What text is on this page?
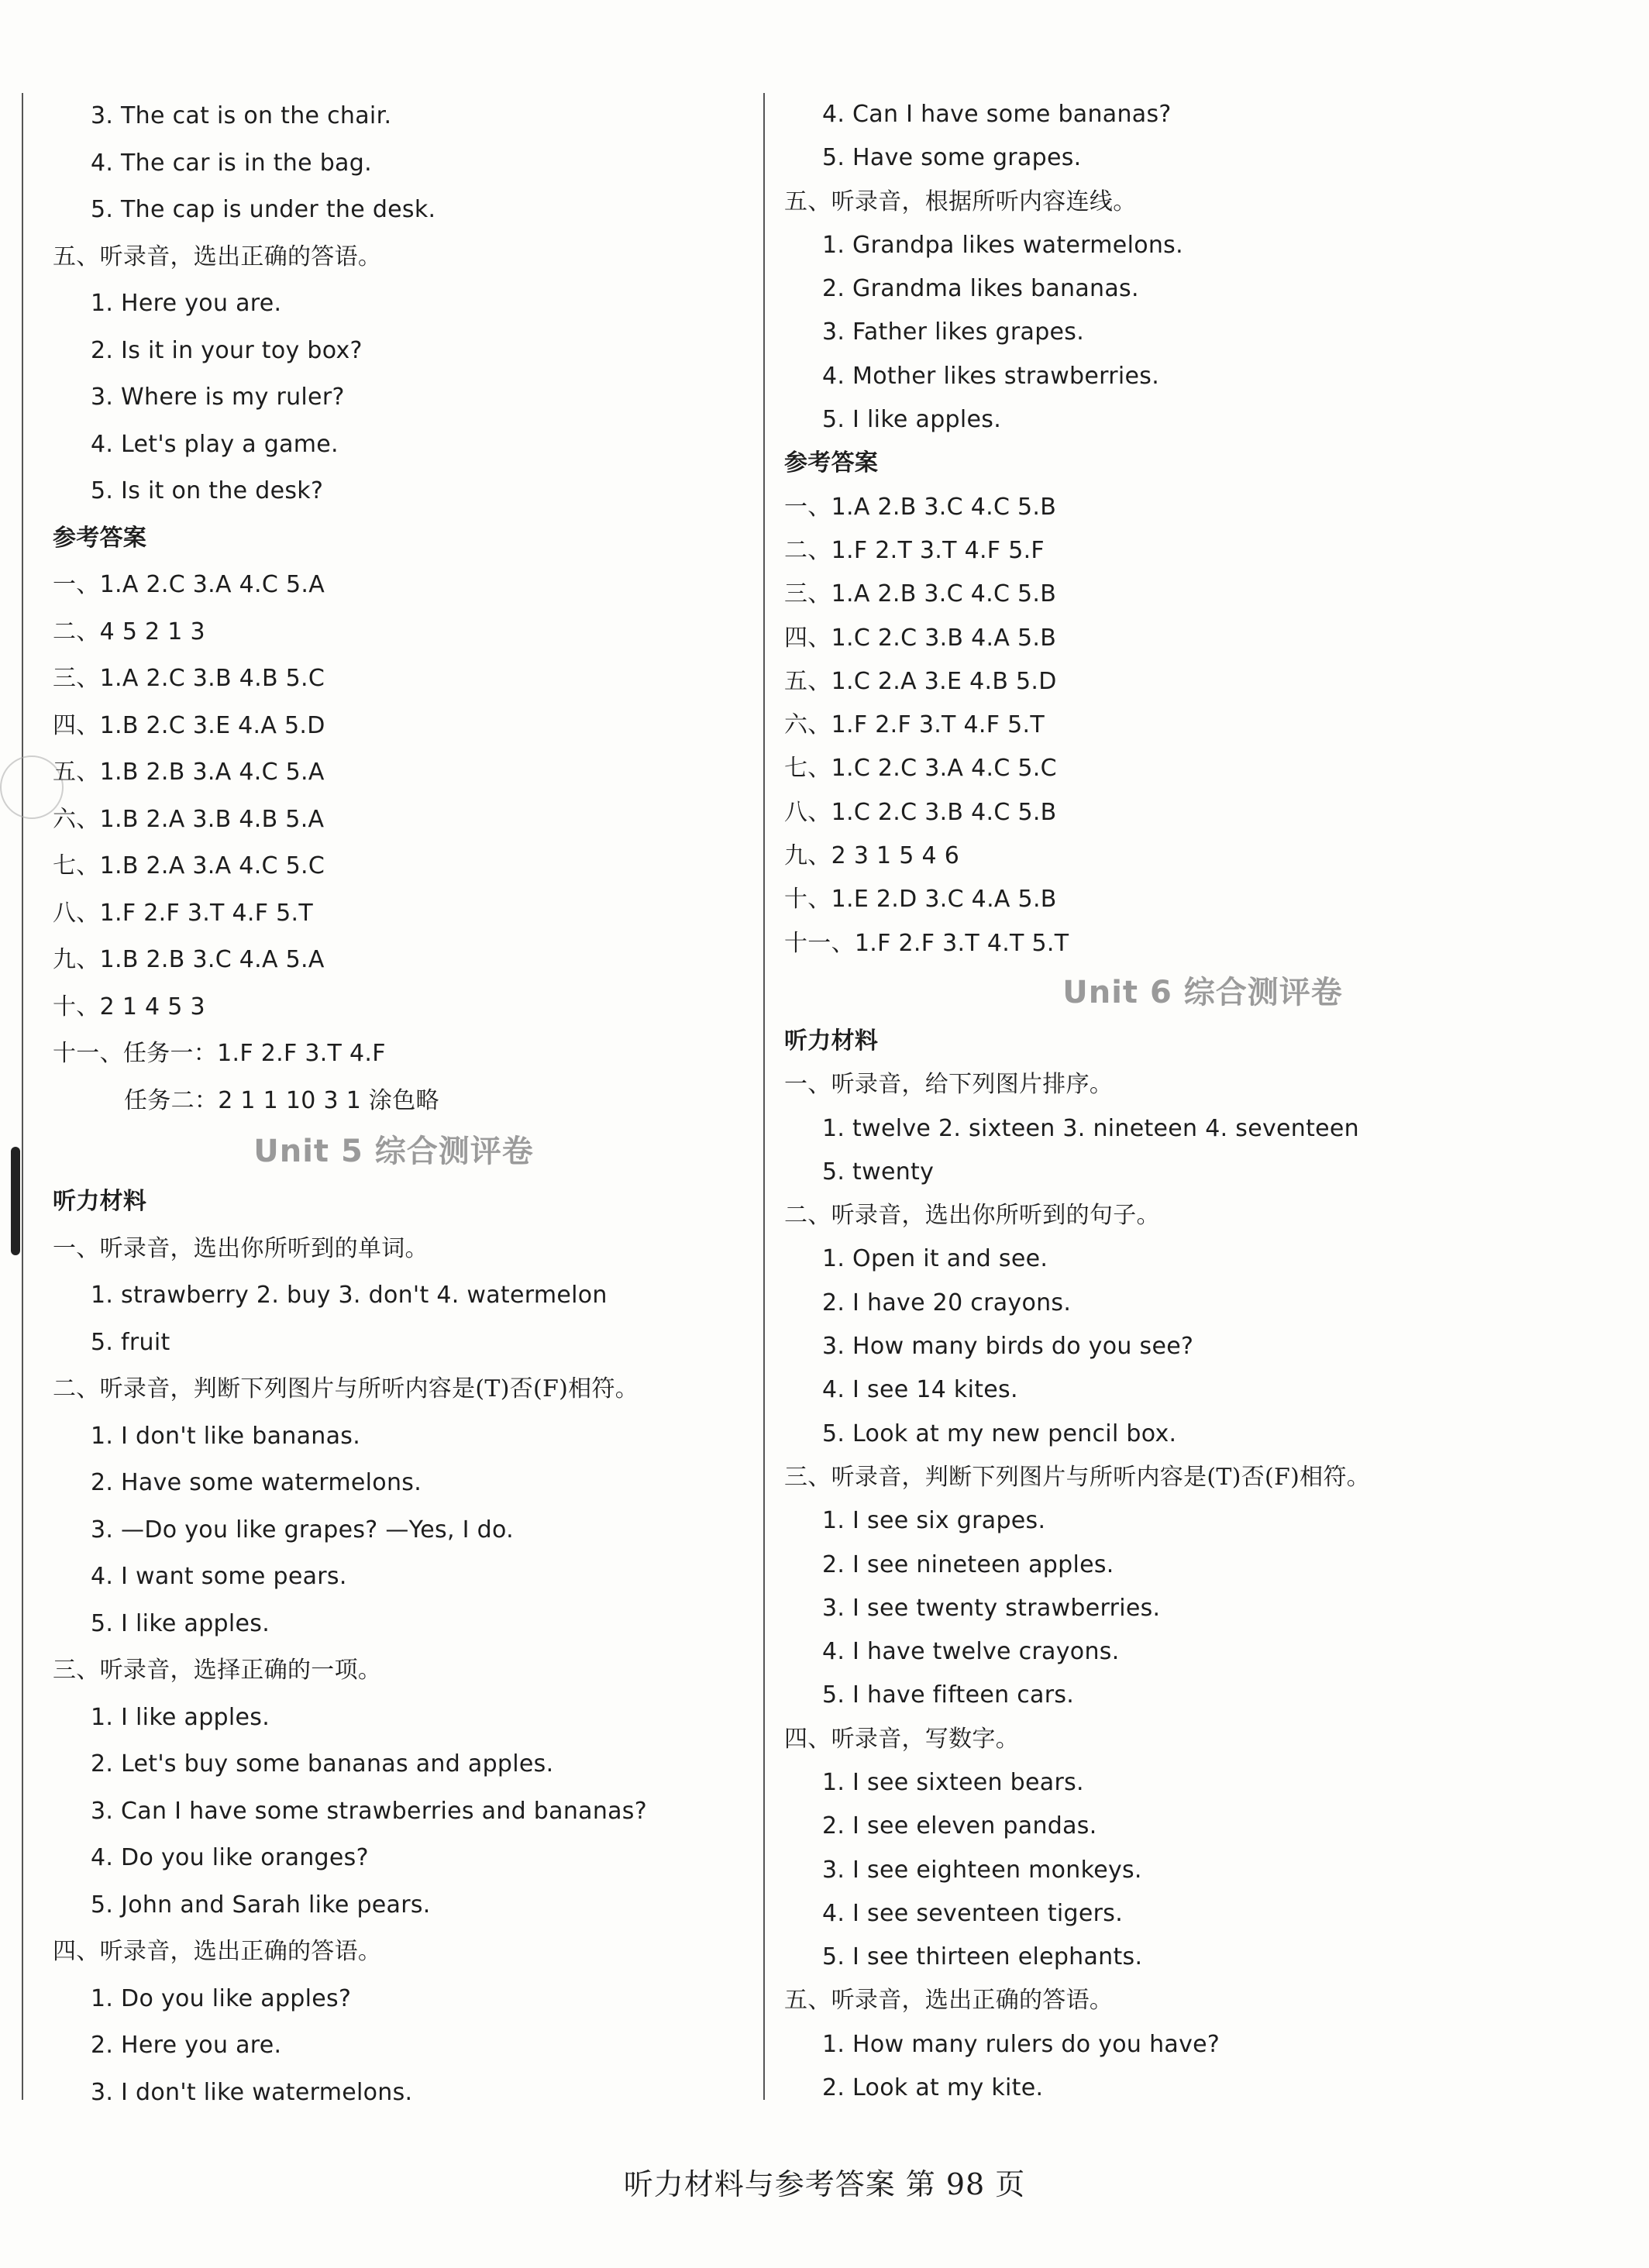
3. The cat is on the chair.
4. The car is in the bag.
5. The cap is under the desk.
五、听录音，选出正确的答语。
1. Here you are.
2. Is it in your toy box?
3. Where is my ruler?
4. Let's play a game.
5. Is it on the desk?
参考答案
一、1.A 2.C 3.A 4.C 5.A
二、4 5 2 1 3
三、1.A 2.C 3.B 4.B 5.C
四、1.B 2.C 3.E 4.A 5.D
五、1.B 2.B 3.A 4.C 5.A
六、1.B 2.A 3.B 4.B 5.A
七、1.B 2.A 3.A 4.C 5.C
八、1.F 2.F 3.T 4.F 5.T
九、1.B 2.B 3.C 4.A 5.A
十、2 1 4 5 3
十一、任务一：1.F 2.F 3.T 4.F
任务二：2 1 1 10 3 1 涂色略
Unit 5 综合测评卷
听力材料
一、听录音，选出你所听到的单词。
1. strawberry 2. buy 3. don't 4. watermelon
5. fruit
二、听录音，判断下列图片与所听内容是(T)否(F)相符。
1. I don't like bananas.
2. Have some watermelons.
3. —Do you like grapes? —Yes, I do.
4. I want some pears.
5. I like apples.
三、听录音，选择正确的一项。
1. I like apples.
2. Let's buy some bananas and apples.
3. Can I have some strawberries and bananas?
4. Do you like oranges?
5. John and Sarah like pears.
四、听录音，选出正确的答语。
1. Do you like apples?
2. Here you are.
3. I don't like watermelons.
4. Can I have some bananas?
5. Have some grapes.
五、听录音，根据所听内容连线。
1. Grandpa likes watermelons.
2. Grandma likes bananas.
3. Father likes grapes.
4. Mother likes strawberries.
5. I like apples.
参考答案
一、1.A 2.B 3.C 4.C 5.B
二、1.F 2.T 3.T 4.F 5.F
三、1.A 2.B 3.C 4.C 5.B
四、1.C 2.C 3.B 4.A 5.B
五、1.C 2.A 3.E 4.B 5.D
六、1.F 2.F 3.T 4.F 5.T
七、1.C 2.C 3.A 4.C 5.C
八、1.C 2.C 3.B 4.C 5.B
九、2 3 1 5 4 6
十、1.E 2.D 3.C 4.A 5.B
十一、1.F 2.F 3.T 4.T 5.T
Unit 6 综合测评卷
听力材料
一、听录音，给下列图片排序。
1. twelve 2. sixteen 3. nineteen 4. seventeen
5. twenty
二、听录音，选出你所听到的句子。
1. Open it and see.
2. I have 20 crayons.
3. How many birds do you see?
4. I see 14 kites.
5. Look at my new pencil box.
三、听录音，判断下列图片与所听内容是(T)否(F)相符。
1. I see six grapes.
2. I see nineteen apples.
3. I see twenty strawberries.
4. I have twelve crayons.
5. I have fifteen cars.
四、听录音，写数字。
1. I see sixteen bears.
2. I see eleven pandas.
3. I see eighteen monkeys.
4. I see seventeen tigers.
5. I see thirteen elephants.
五、听录音，选出正确的答语。
1. How many rulers do you have?
2. Look at my kite.
听力材料与参考答案 第 98 页
